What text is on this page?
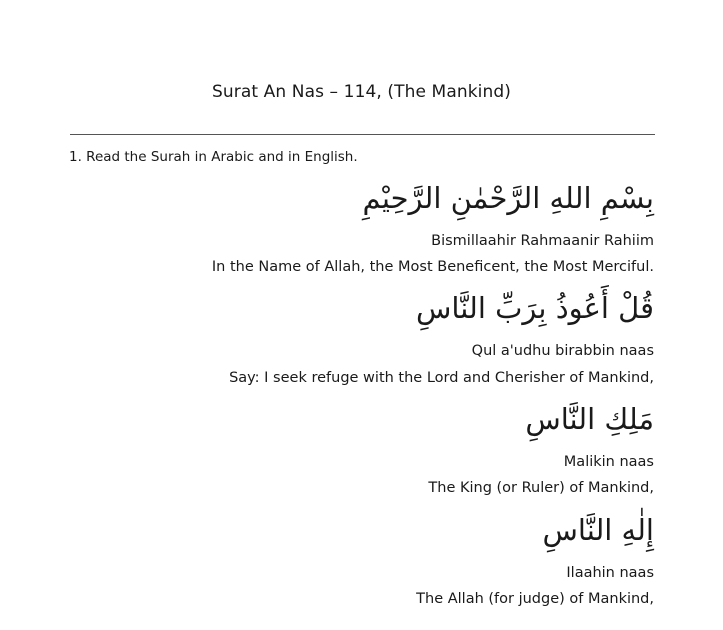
Surat An Nas – 114, (The Mankind)
1. Read the Surah in Arabic and in English.
بِسْمِ اللهِ الرَّحْمٰنِ الرَّحِيْمِ
Bismillaahir Rahmaanir Rahiim
In the Name of Allah, the Most Beneficent, the Most Merciful.
قُلْ أَعُوذُ بِرَبِّ النَّاسِ
Qul a'udhu birabbin naas
Say: I seek refuge with the Lord and Cherisher of Mankind,
مَلِكِ النَّاسِ
Malikin naas
The King (or Ruler) of Mankind,
إِلٰهِ النَّاسِ
Ilaahin naas
The Allah (for judge) of Mankind,
